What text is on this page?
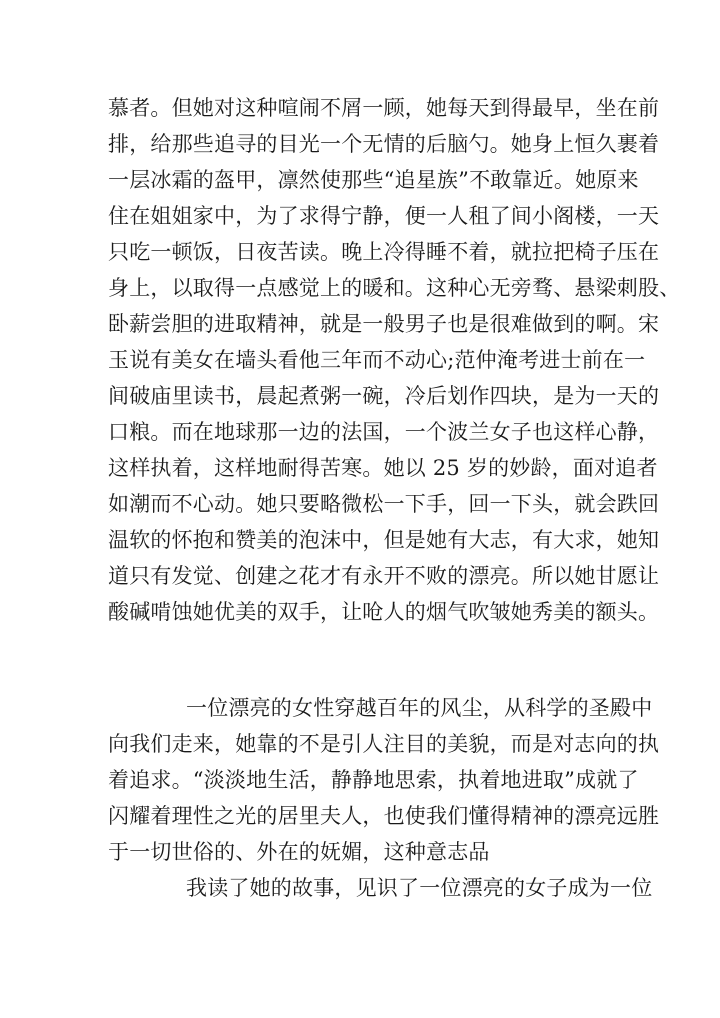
慕者。但她对这种喧闹不屑一顾，她每天到得最早，坐在前
排，给那些追寻的目光一个无情的后脑勺。她身上恒久裹着
一层冰霜的盔甲，凛然使那些“追星族”不敢靠近。她原来
住在姐姐家中，为了求得宁静，便一人租了间小阁楼，一天
只吃一顿饭，日夜苦读。晚上冷得睡不着，就拉把椅子压在
身上，以取得一点感觉上的暖和。这种心无旁骛、悬梁刺股、
卧薪尝胆的进取精神，就是一般男子也是很难做到的啊。宋
玉说有美女在墙头看他三年而不动心;范仲淹考进士前在一
间破庙里读书，晨起煮粥一碗，冷后划作四块，是为一天的
口粮。而在地球那一边的法国，一个波兰女子也这样心静，
这样执着，这样地耐得苦寒。她以 25 岁的妙龄，面对追者
如潮而不心动。她只要略微松一下手，回一下头，就会跌回
温软的怀抱和赞美的泡沫中，但是她有大志，有大求，她知
道只有发觉、创建之花才有永开不败的漂亮。所以她甘愿让
酸碱啃蚀她优美的双手，让呛人的烟气吹皱她秀美的额头。
一位漂亮的女性穿越百年的风尘，从科学的圣殿中
向我们走来，她靠的不是引人注目的美貌，而是对志向的执
着追求。“淡淡地生活，静静地思索，执着地进取”成就了
闪耀着理性之光的居里夫人，也使我们懂得精神的漂亮远胜
于一切世俗的、外在的妩媚，这种意志品
我读了她的故事，见识了一位漂亮的女子成为一位
